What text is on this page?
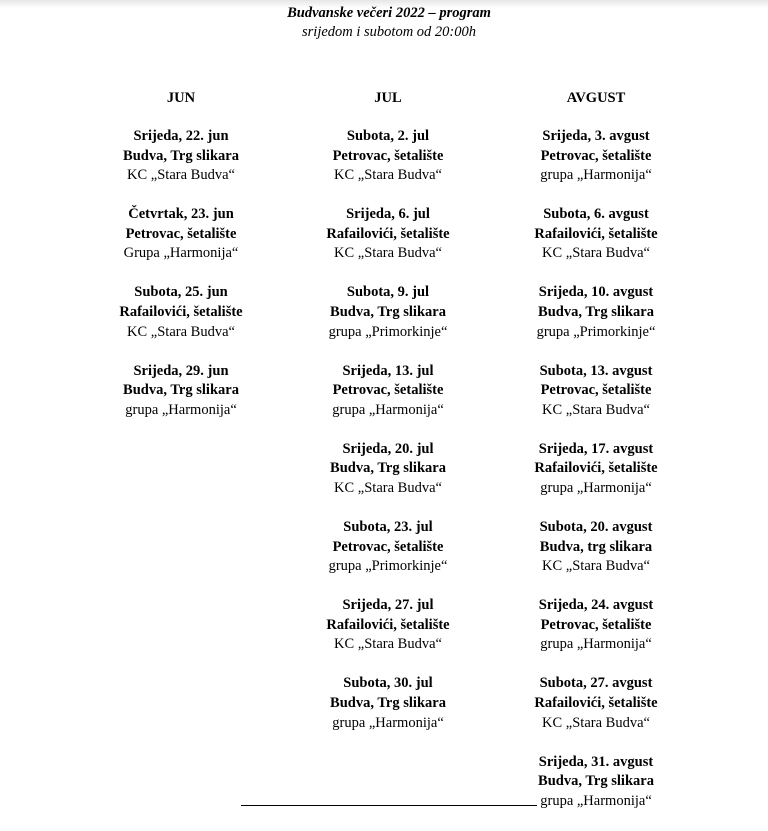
Budvanske večeri 2022 – program
srijedom i subotom od 20:00h
JUN
Srijeda, 22. jun
Budva, Trg slikara
KC „Stara Budva“
Četvrtak, 23. jun
Petrovac, šetalište
Grupa „Harmonija“
Subota, 25. jun
Rafailovići, šetalište
KC „Stara Budva“
Srijeda, 29. jun
Budva, Trg slikara
grupa „Harmonija“
JUL
Subota, 2. jul
Petrovac, šetalište
KC „Stara Budva“
Srijeda, 6. jul
Rafailovići, šetalište
KC „Stara Budva“
Subota, 9. jul
Budva, Trg slikara
grupa „Primorkinje“
Srijeda, 13. jul
Petrovac, šetalište
grupa „Harmonija“
Srijeda, 20. jul
Budva, Trg slikara
KC „Stara Budva“
Subota, 23. jul
Petrovac, šetalište
grupa „Primorkinje“
Srijeda, 27. jul
Rafailovići, šetalište
KC „Stara Budva“
Subota, 30. jul
Budva, Trg slikara
grupa „Harmonija“
AVGUST
Srijeda, 3. avgust
Petrovac, šetalište
grupa „Harmonija“
Subota, 6. avgust
Rafailovići, šetalište
KC „Stara Budva“
Srijeda, 10. avgust
Budva, Trg slikara
grupa „Primorkinje“
Subota, 13. avgust
Petrovac, šetalište
KC „Stara Budva“
Srijeda, 17. avgust
Rafailovići, šetalište
grupa „Harmonija“
Subota, 20. avgust
Budva, trg slikara
KC „Stara Budva“
Srijeda, 24. avgust
Petrovac, šetalište
grupa „Harmonija“
Subota, 27. avgust
Rafailovići, šetalište
KC „Stara Budva“
Srijeda, 31. avgust
Budva, Trg slikara
grupa „Harmonija“
